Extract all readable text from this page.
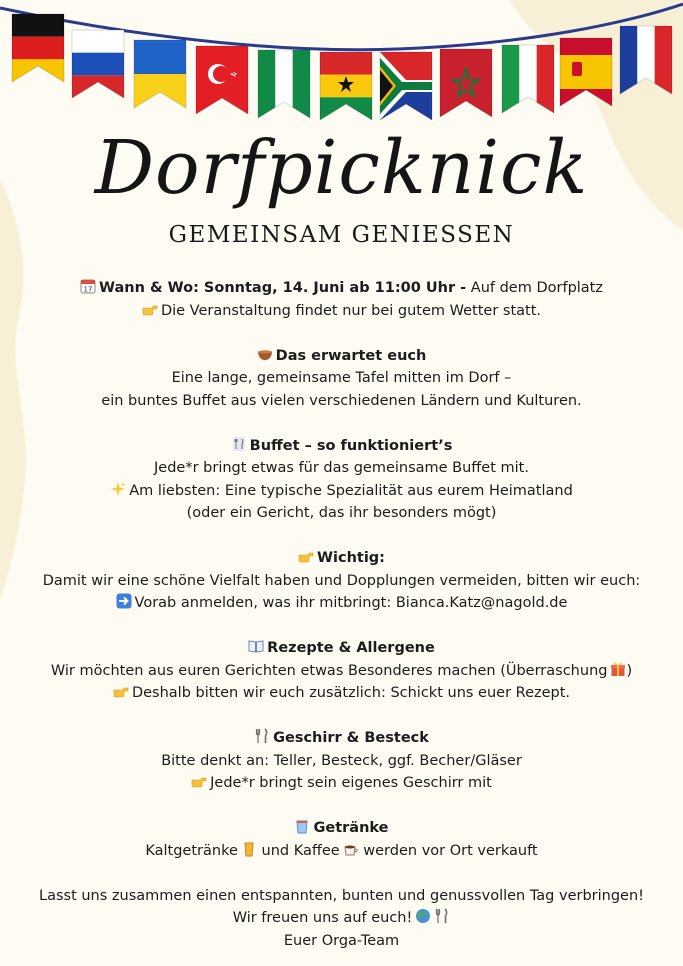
Dorfpicknick
GEMEINSAM GENIESSEN
17 Wann & Wo: Sonntag, 14. Juni ab 11:00 Uhr - Auf dem Dorfplatz
Die Veranstaltung findet nur bei gutem Wetter statt.
Das erwartet euch
Eine lange, gemeinsame Tafel mitten im Dorf –
ein buntes Buffet aus vielen verschiedenen Ländern und Kulturen.
Buffet – so funktioniert’s
Jede*r bringt etwas für das gemeinsame Buffet mit.
Am liebsten: Eine typische Spezialität aus eurem Heimatland
(oder ein Gericht, das ihr besonders mögt)
Wichtig:
Damit wir eine schöne Vielfalt haben und Dopplungen vermeiden, bitten wir euch:
Vorab anmelden, was ihr mitbringt: Bianca.Katz@nagold.de
Rezepte & Allergene
Wir möchten aus euren Gerichten etwas Besonderes machen (Überraschung )
Deshalb bitten wir euch zusätzlich: Schickt uns euer Rezept.
Geschirr & Besteck
Bitte denkt an: Teller, Besteck, ggf. Becher/Gläser
Jede*r bringt sein eigenes Geschirr mit
Getränke
Kaltgetränke und Kaffee werden vor Ort verkauft
Lasst uns zusammen einen entspannten, bunten und genussvollen Tag verbringen!
Wir freuen uns auf euch!
Euer Orga-Team
